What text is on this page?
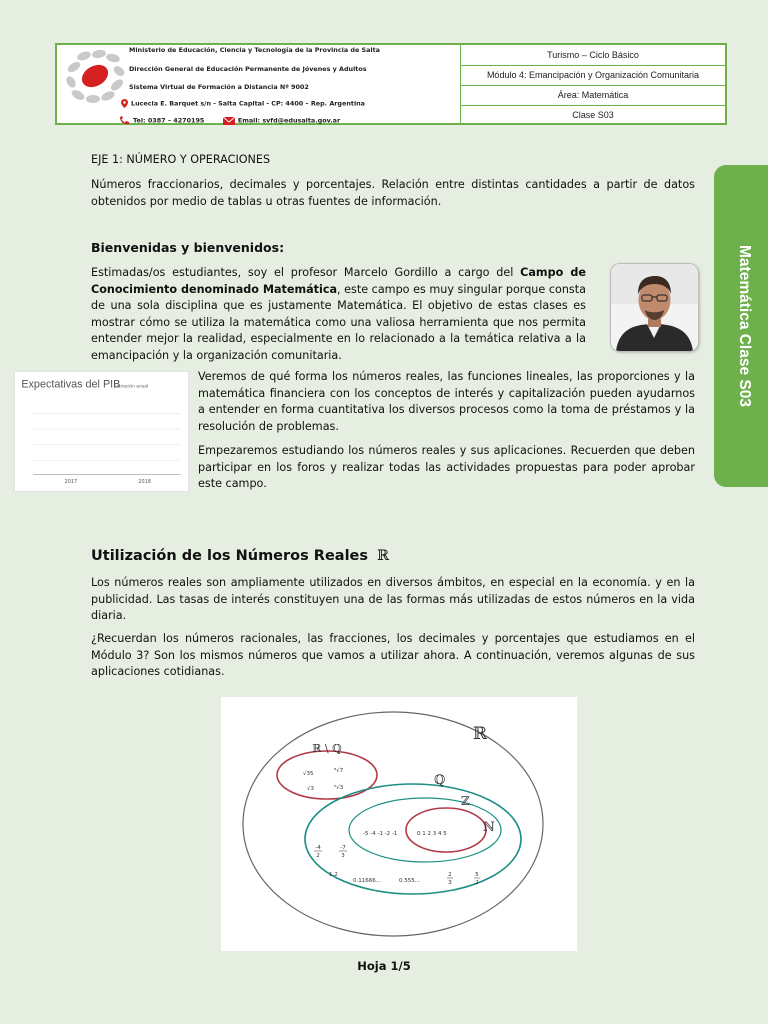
Ministerio de Educación, Ciencia y Tecnología de la Provincia de Salta
Dirección General de Educación Permanente de Jóvenes y Adultos
Sistema Virtual de Formación a Distancia Nº 9002
Lucecia E. Barquet s/n - Salta Capital - CP: 4400 – Rep. Argentina
Tel: 0387 – 4270195	Email: svfd@edusalta.gov.ar
Turismo – Ciclo Básico
Módulo 4: Emancipación y Organización Comunitaria
Área: Matemática
Clase S03
Matemática Clase S03
EJE 1: NÚMERO Y OPERACIONES

Números fraccionarios, decimales y porcentajes. Relación entre distintas cantidades a partir de datos obtenidos por medio de tablas u otras fuentes de información.

Bienvenidas y bienvenidos:

Estimadas/os estudiantes, soy el profesor Marcelo Gordillo a cargo del Campo de Conocimiento denominado Matemática, este campo es muy singular porque consta de una sola disciplina que es justamente Matemática. El objetivo de estas clases es mostrar cómo se utiliza la matemática como una valiosa herramienta que nos permita entender mejor la realidad, especialmente en lo relacionado a la temática relativa a la emancipación y la organización comunitaria.

Expectativas del PIB
Variación anual
2017	2018

Veremos de qué forma los números reales, las funciones lineales, las proporciones y la matemática financiera con los conceptos de interés y capitalización pueden ayudarnos a entender en forma cuantitativa los diversos procesos como la toma de préstamos y la resolución de problemas.

Empezaremos estudiando los números reales y sus aplicaciones. Recuerden que deben participar en los foros y realizar todas las actividades propuestas para poder aprobar este campo.

Utilización de los Números Reales ℝ

Los números reales son ampliamente utilizados en diversos ámbitos, en especial en la economía. y en la publicidad. Las tasas de interés constituyen una de las formas más utilizadas de estos números en la vida diaria.

¿Recuerdan los números racionales, las fracciones, los decimales y porcentajes que estudiamos en el Módulo 3? Son los mismos números que vamos a utilizar ahora. A continuación, veremos algunas de sus aplicaciones cotidianas.

ℝ
ℝ \ ℚ
ℚ
ℤ
ℕ
√35	⁸√7
√3	⁵√3
-5 -4 -1 -2 -1	0 1 2 3 4 5
-4
2
-7
3
1.2
0.11666...	0.555...
2
3
5
2
Hoja 1/5
